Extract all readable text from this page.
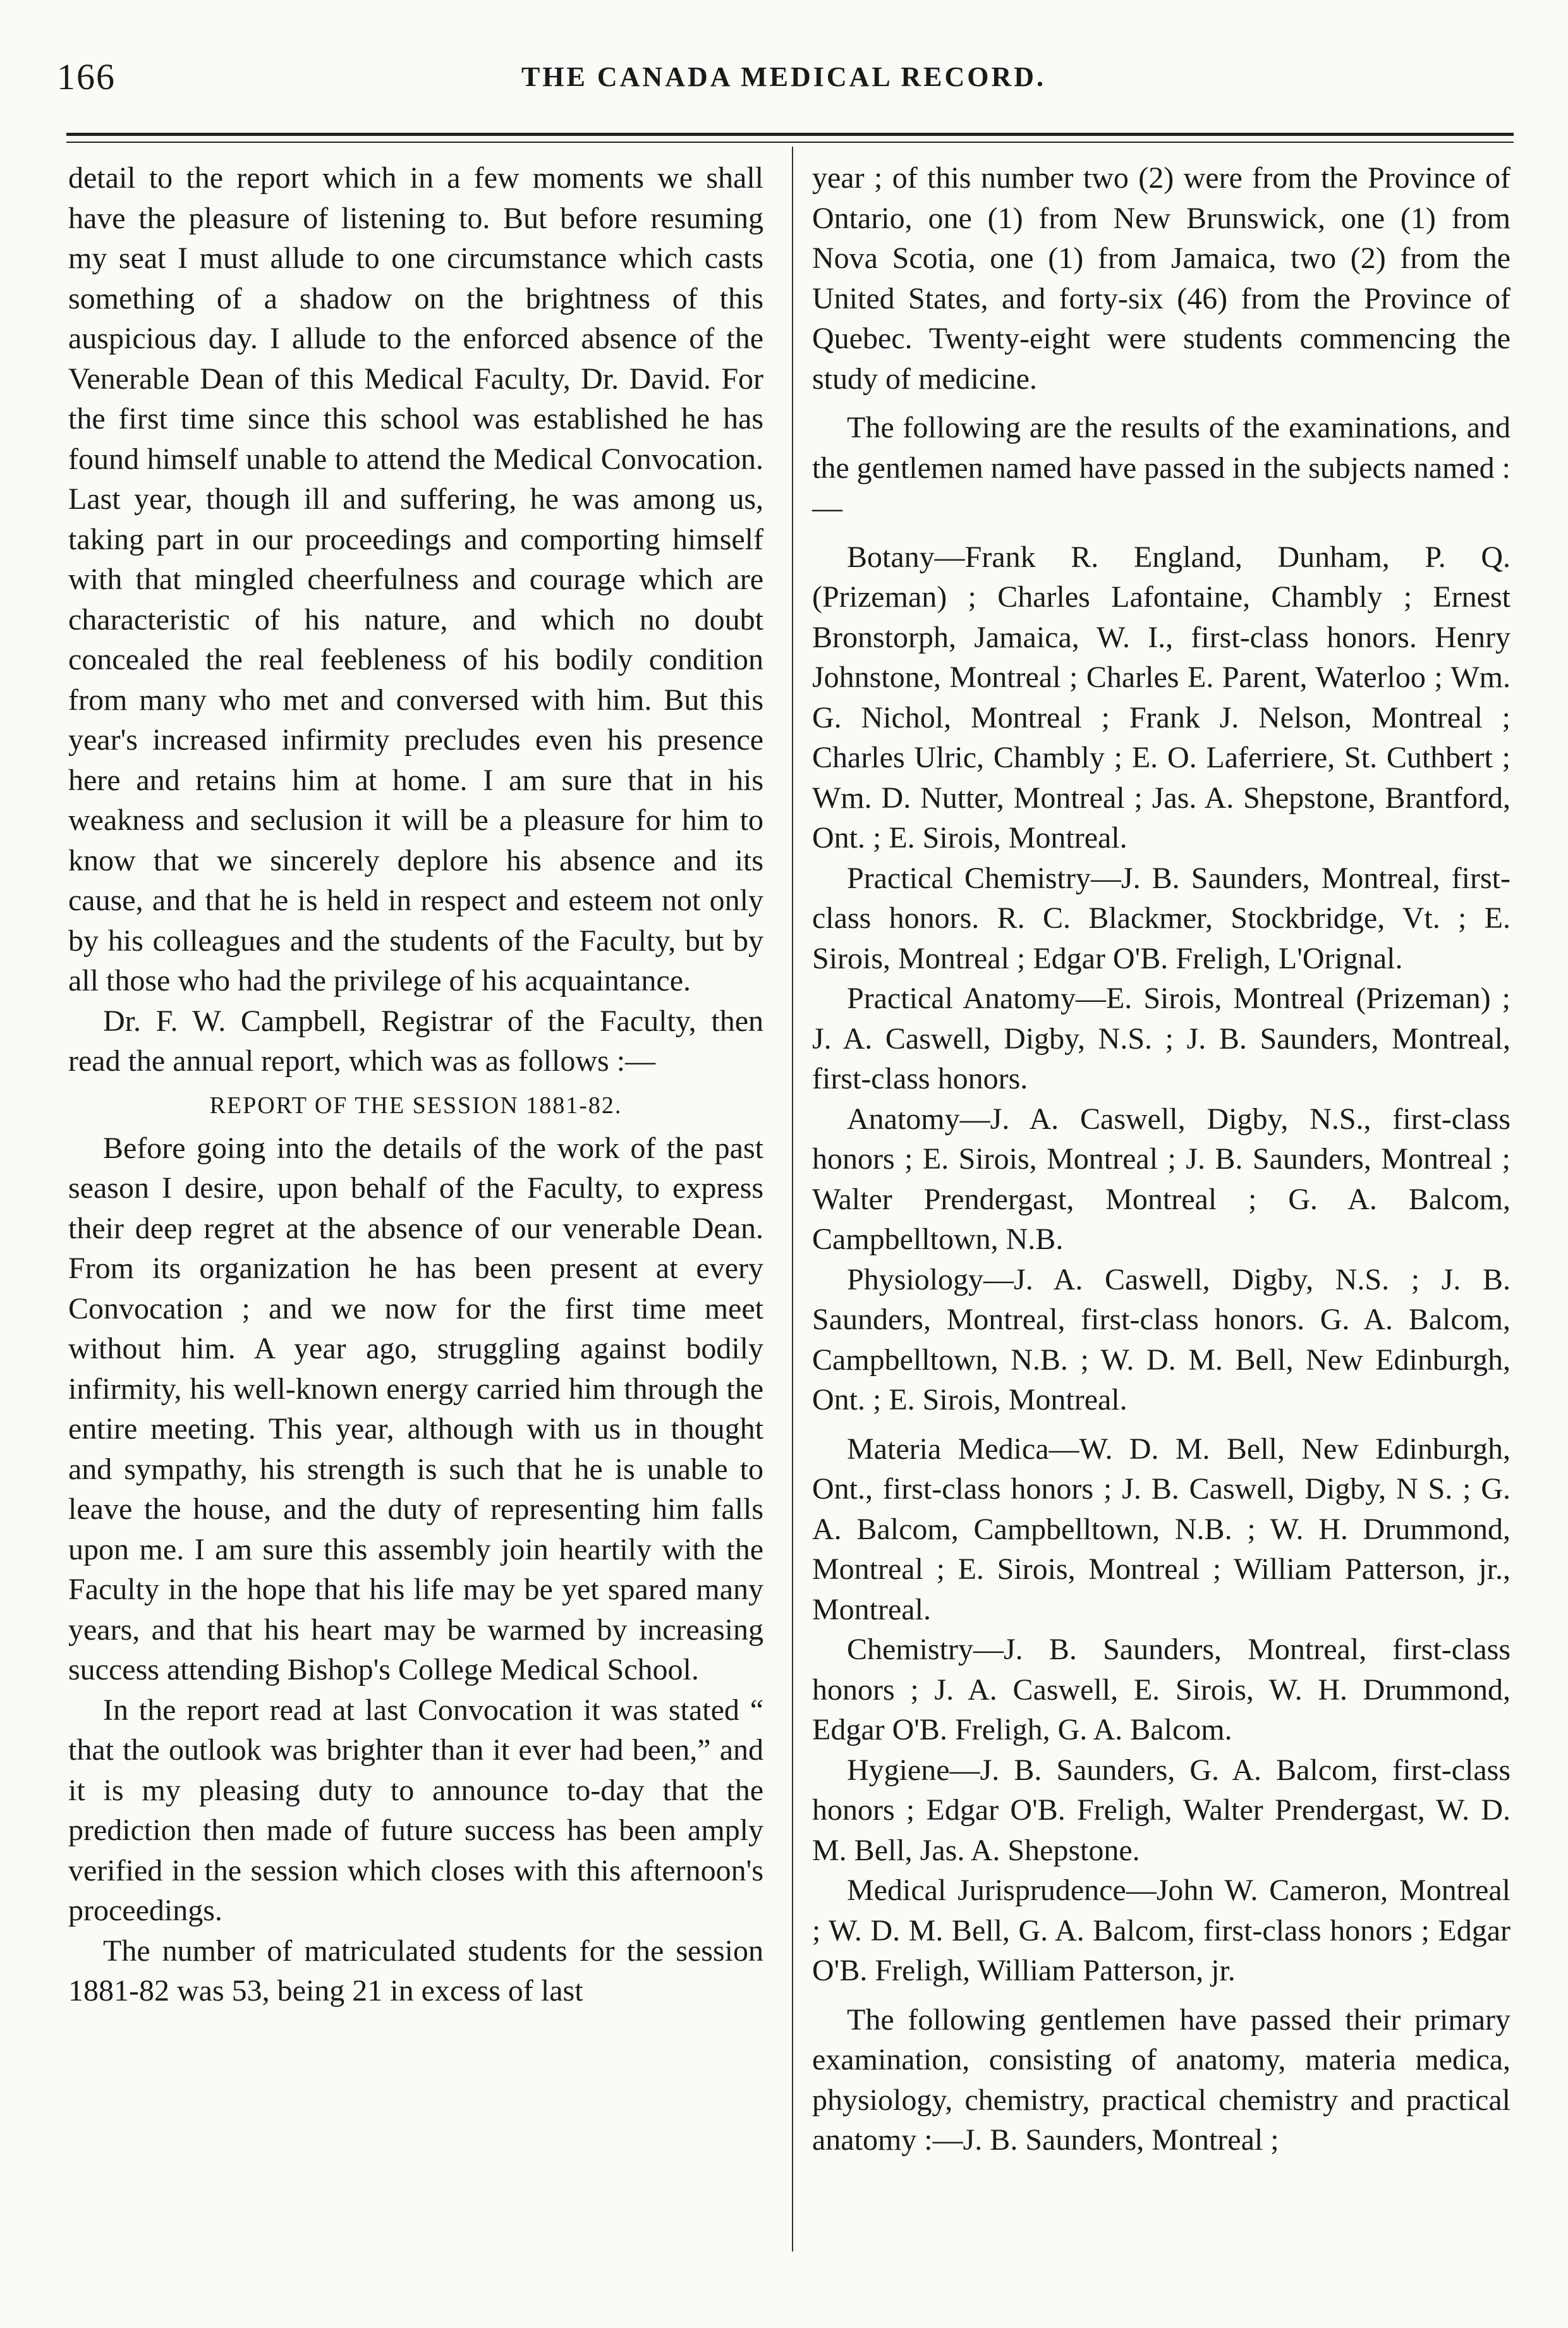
166	THE CANADA MEDICAL RECORD.

detail to the report which in a few moments we shall have the pleasure of listening to. But before resuming my seat I must allude to one circumstance which casts something of a shadow on the brightness of this auspicious day. I allude to the enforced absence of the Venerable Dean of this Medical Faculty, Dr. David. For the first time since this school was established he has found himself unable to attend the Medical Convocation. Last year, though ill and suffering, he was among us, taking part in our proceedings and comporting himself with that mingled cheerfulness and courage which are characteristic of his nature, and which no doubt concealed the real feebleness of his bodily condition from many who met and conversed with him. But this year's increased infirmity precludes even his presence here and retains him at home. I am sure that in his weakness and seclusion it will be a pleasure for him to know that we sincerely deplore his absence and its cause, and that he is held in respect and esteem not only by his colleagues and the students of the Faculty, but by all those who had the privilege of his acquaintance.

Dr. F. W. Campbell, Registrar of the Faculty, then read the annual report, which was as follows :—

REPORT OF THE SESSION 1881-82.

Before going into the details of the work of the past season I desire, upon behalf of the Faculty, to express their deep regret at the absence of our venerable Dean. From its organization he has been present at every Convocation ; and we now for the first time meet without him. A year ago, struggling against bodily infirmity, his well-known energy carried him through the entire meeting. This year, although with us in thought and sympathy, his strength is such that he is unable to leave the house, and the duty of representing him falls upon me. I am sure this assembly join heartily with the Faculty in the hope that his life may be yet spared many years, and that his heart may be warmed by increasing success attending Bishop's College Medical School.

In the report read at last Convocation it was stated “ that the outlook was brighter than it ever had been,” and it is my pleasing duty to announce to-day that the prediction then made of future success has been amply verified in the session which closes with this afternoon's proceedings.

The number of matriculated students for the session 1881-82 was 53, being 21 in excess of last

year ; of this number two (2) were from the Province of Ontario, one (1) from New Brunswick, one (1) from Nova Scotia, one (1) from Jamaica, two (2) from the United States, and forty-six (46) from the Province of Quebec. Twenty-eight were students commencing the study of medicine.

The following are the results of the examinations, and the gentlemen named have passed in the subjects named :—

Botany—Frank R. England, Dunham, P. Q. (Prizeman) ; Charles Lafontaine, Chambly ; Ernest Bronstorph, Jamaica, W. I., first-class honors. Henry Johnstone, Montreal ; Charles E. Parent, Waterloo ; Wm. G. Nichol, Montreal ; Frank J. Nelson, Montreal ; Charles Ulric, Chambly ; E. O. Laferriere, St. Cuthbert ; Wm. D. Nutter, Montreal ; Jas. A. Shepstone, Brantford, Ont. ; E. Sirois, Montreal.

Practical Chemistry—J. B. Saunders, Montreal, first-class honors. R. C. Blackmer, Stockbridge, Vt. ; E. Sirois, Montreal ; Edgar O'B. Freligh, L'Orignal.

Practical Anatomy—E. Sirois, Montreal (Prizeman) ; J. A. Caswell, Digby, N.S. ; J. B. Saunders, Montreal, first-class honors.

Anatomy—J. A. Caswell, Digby, N.S., first-class honors ; E. Sirois, Montreal ; J. B. Saunders, Montreal ; Walter Prendergast, Montreal ; G. A. Balcom, Campbelltown, N.B.

Physiology—J. A. Caswell, Digby, N.S. ; J. B. Saunders, Montreal, first-class honors. G. A. Balcom, Campbelltown, N.B. ; W. D. M. Bell, New Edinburgh, Ont. ; E. Sirois, Montreal.

Materia Medica—W. D. M. Bell, New Edinburgh, Ont., first-class honors ; J. B. Caswell, Digby, N S. ; G. A. Balcom, Campbelltown, N.B. ; W. H. Drummond, Montreal ; E. Sirois, Montreal ; William Patterson, jr., Montreal.

Chemistry—J. B. Saunders, Montreal, first-class honors ; J. A. Caswell, E. Sirois, W. H. Drummond, Edgar O'B. Freligh, G. A. Balcom.

Hygiene—J. B. Saunders, G. A. Balcom, first-class honors ; Edgar O'B. Freligh, Walter Prendergast, W. D. M. Bell, Jas. A. Shepstone.

Medical Jurisprudence—John W. Cameron, Montreal ; W. D. M. Bell, G. A. Balcom, first-class honors ; Edgar O'B. Freligh, William Patterson, jr.

The following gentlemen have passed their primary examination, consisting of anatomy, materia medica, physiology, chemistry, practical chemistry and practical anatomy :—J. B. Saunders, Montreal ;
